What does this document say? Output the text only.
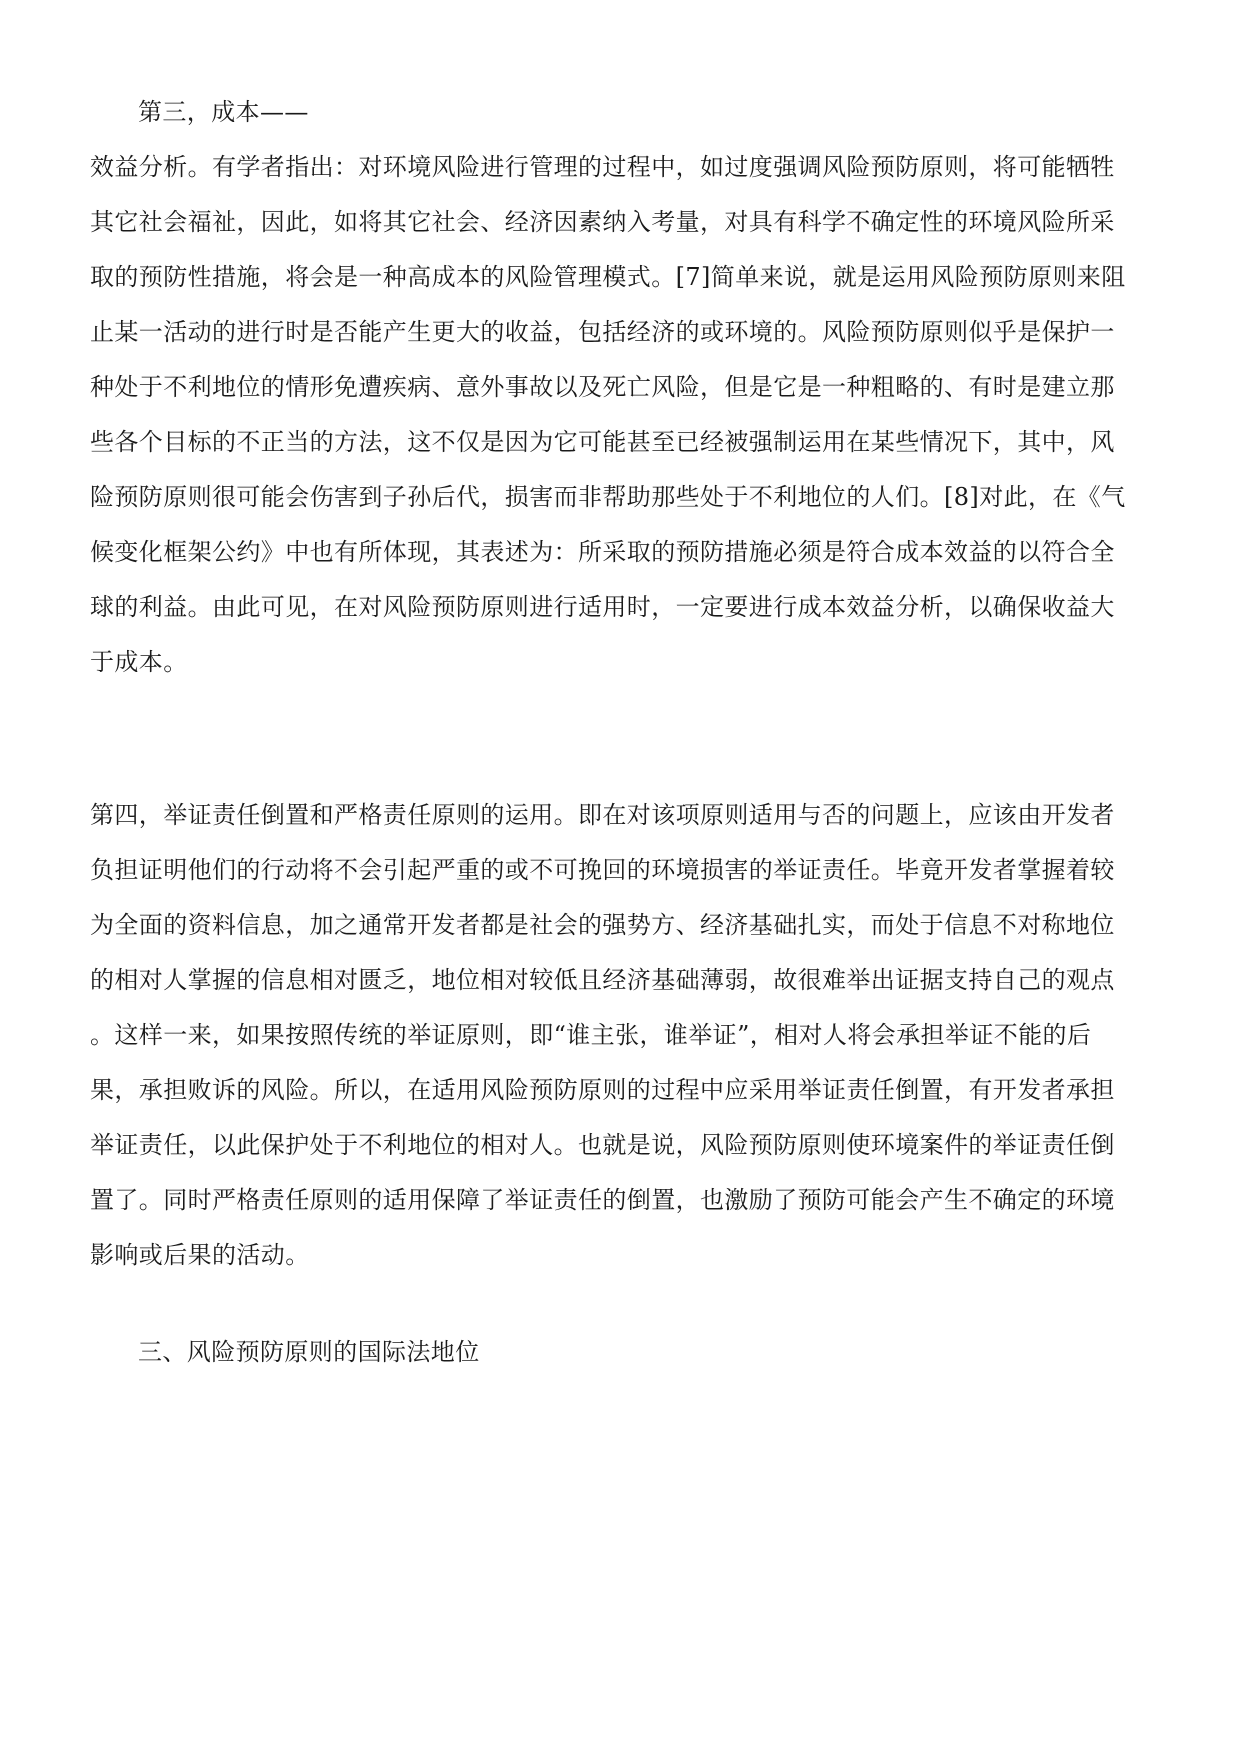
第三，成本——
效益分析。有学者指出：对环境风险进行管理的过程中，如过度强调风险预防原则，将可能牺牲
其它社会福祉，因此，如将其它社会、经济因素纳入考量，对具有科学不确定性的环境风险所采
取的预防性措施，将会是一种高成本的风险管理模式。[7]简单来说，就是运用风险预防原则来阻
止某一活动的进行时是否能产生更大的收益，包括经济的或环境的。风险预防原则似乎是保护一
种处于不利地位的情形免遭疾病、意外事故以及死亡风险，但是它是一种粗略的、有时是建立那
些各个目标的不正当的方法，这不仅是因为它可能甚至已经被强制运用在某些情况下，其中，风
险预防原则很可能会伤害到子孙后代，损害而非帮助那些处于不利地位的人们。[8]对此，在《气
候变化框架公约》中也有所体现，其表述为：所采取的预防措施必须是符合成本效益的以符合全
球的利益。由此可见，在对风险预防原则进行适用时，一定要进行成本效益分析，以确保收益大
于成本。
第四，举证责任倒置和严格责任原则的运用。即在对该项原则适用与否的问题上，应该由开发者
负担证明他们的行动将不会引起严重的或不可挽回的环境损害的举证责任。毕竟开发者掌握着较
为全面的资料信息，加之通常开发者都是社会的强势方、经济基础扎实，而处于信息不对称地位
的相对人掌握的信息相对匮乏，地位相对较低且经济基础薄弱，故很难举出证据支持自己的观点
。这样一来，如果按照传统的举证原则，即“谁主张，谁举证”，相对人将会承担举证不能的后
果，承担败诉的风险。所以，在适用风险预防原则的过程中应采用举证责任倒置，有开发者承担
举证责任，以此保护处于不利地位的相对人。也就是说，风险预防原则使环境案件的举证责任倒
置了。同时严格责任原则的适用保障了举证责任的倒置，也激励了预防可能会产生不确定的环境
影响或后果的活动。
三、风险预防原则的国际法地位
